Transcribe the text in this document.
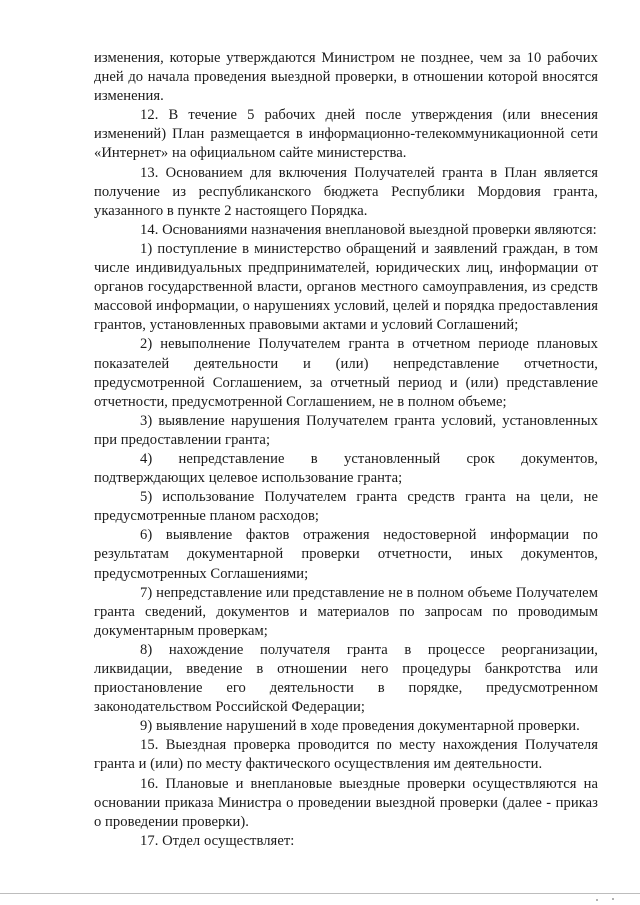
изменения, которые утверждаются Министром не позднее, чем за 10 рабочих дней до начала проведения выездной проверки, в отношении которой вносятся изменения.

12. В течение 5 рабочих дней после утверждения (или внесения изменений) План размещается в информационно-телекоммуникационной сети «Интернет» на официальном сайте министерства.

13. Основанием для включения Получателей гранта в План является получение из республиканского бюджета Республики Мордовия гранта, указанного в пункте 2 настоящего Порядка.

14. Основаниями назначения внеплановой выездной проверки являются:

1) поступление в министерство обращений и заявлений граждан, в том числе индивидуальных предпринимателей, юридических лиц, информации от органов государственной власти, органов местного самоуправления, из средств массовой информации, о нарушениях условий, целей и порядка предоставления грантов, установленных правовыми актами и условий Соглашений;

2) невыполнение Получателем гранта в отчетном периоде плановых показателей деятельности и (или) непредставление отчетности, предусмотренной Соглашением, за отчетный период и (или) представление отчетности, предусмотренной Соглашением, не в полном объеме;

3) выявление нарушения Получателем гранта условий, установленных при предоставлении гранта;

4) непредставление в установленный срок документов, подтверждающих целевое использование гранта;

5) использование Получателем гранта средств гранта на цели, не предусмотренные планом расходов;

6) выявление фактов отражения недостоверной информации по результатам документарной проверки отчетности, иных документов, предусмотренных Соглашениями;

7) непредставление или представление не в полном объеме Получателем гранта сведений, документов и материалов по запросам по проводимым документарным проверкам;

8) нахождение получателя гранта в процессе реорганизации, ликвидации, введение в отношении него процедуры банкротства или приостановление его деятельности в порядке, предусмотренном законодательством Российской Федерации;

9) выявление нарушений в ходе проведения документарной проверки.

15. Выездная проверка проводится по месту нахождения Получателя гранта и (или) по месту фактического осуществления им деятельности.

16. Плановые и внеплановые выездные проверки осуществляются на основании приказа Министра о проведении выездной проверки (далее - приказ о проведении проверки).

17. Отдел осуществляет:
